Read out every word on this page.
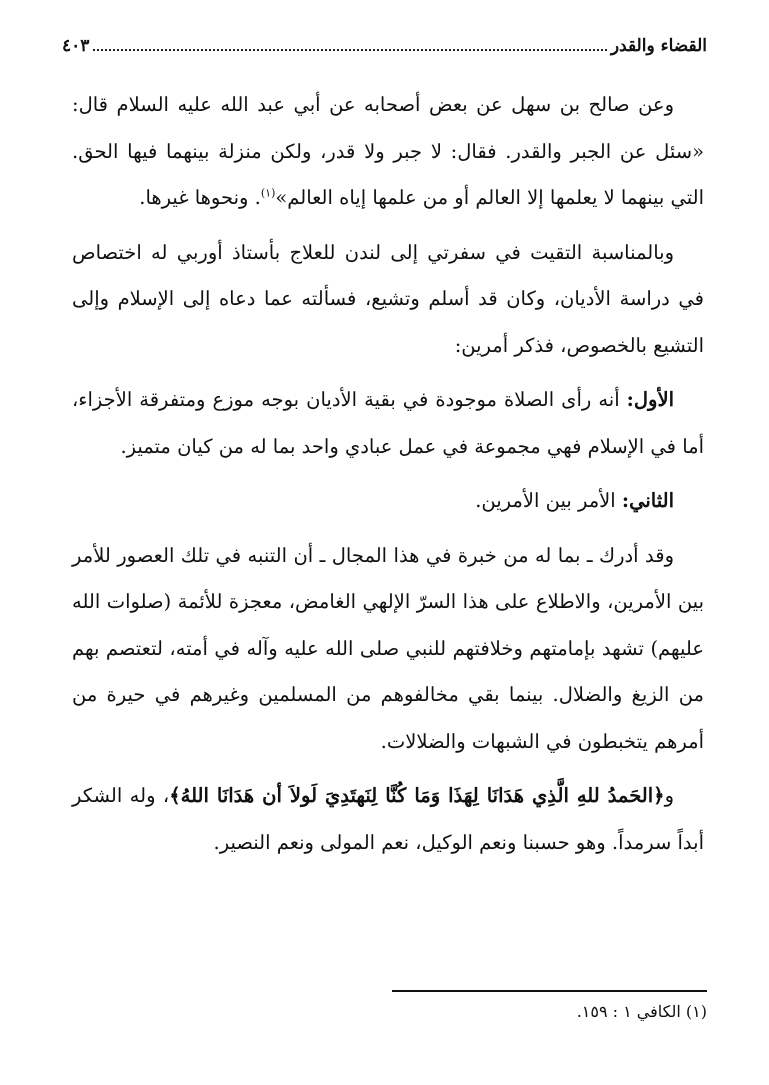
القضاء والقدر
٤٠٣

وعن صالح بن سهل عن بعض أصحابه عن أبي عبد الله عليه السلام قال: «سئل عن الجبر والقدر. فقال: لا جبر ولا قدر، ولكن منزلة بينهما فيها الحق. التي بينهما لا يعلمها إلا العالم أو من علمها إياه العالم»$^{(١)}$. ونحوها غيرها.

وبالمناسبة التقيت في سفرتي إلى لندن للعلاج بأستاذ أوربي له اختصاص في دراسة الأديان، وكان قد أسلم وتشيع، فسألته عما دعاه إلى الإسلام وإلى التشيع بالخصوص، فذكر أمرين:

الأول: أنه رأى الصلاة موجودة في بقية الأديان بوجه موزع ومتفرقة الأجزاء، أما في الإسلام فهي مجموعة في عمل عبادي واحد بما له من كيان متميز.

الثاني: الأمر بين الأمرين.

وقد أدرك ـ بما له من خبرة في هذا المجال ـ أن التنبه في تلك العصور للأمر بين الأمرين، والاطلاع على هذا السرّ الإلهي الغامض، معجزة للأئمة (صلوات الله عليهم) تشهد بإمامتهم وخلافتهم للنبي صلى الله عليه وآله في أمته، لتعتصم بهم من الزيغ والضلال. بينما بقي مخالفوهم من المسلمين وغيرهم في حيرة من أمرهم يتخبطون في الشبهات والضلالات.

و﴿الحَمدُ للهِ الَّذِي هَدَانَا لِهَذَا وَمَا كُنَّا لِنَهتَدِيَ لَولاَ أن هَدَانَا اللهُ﴾، وله الشكر أبداً سرمداً. وهو حسبنا ونعم الوكيل، نعم المولى ونعم النصير.

(١) الكافي ١ : ١٥٩.
